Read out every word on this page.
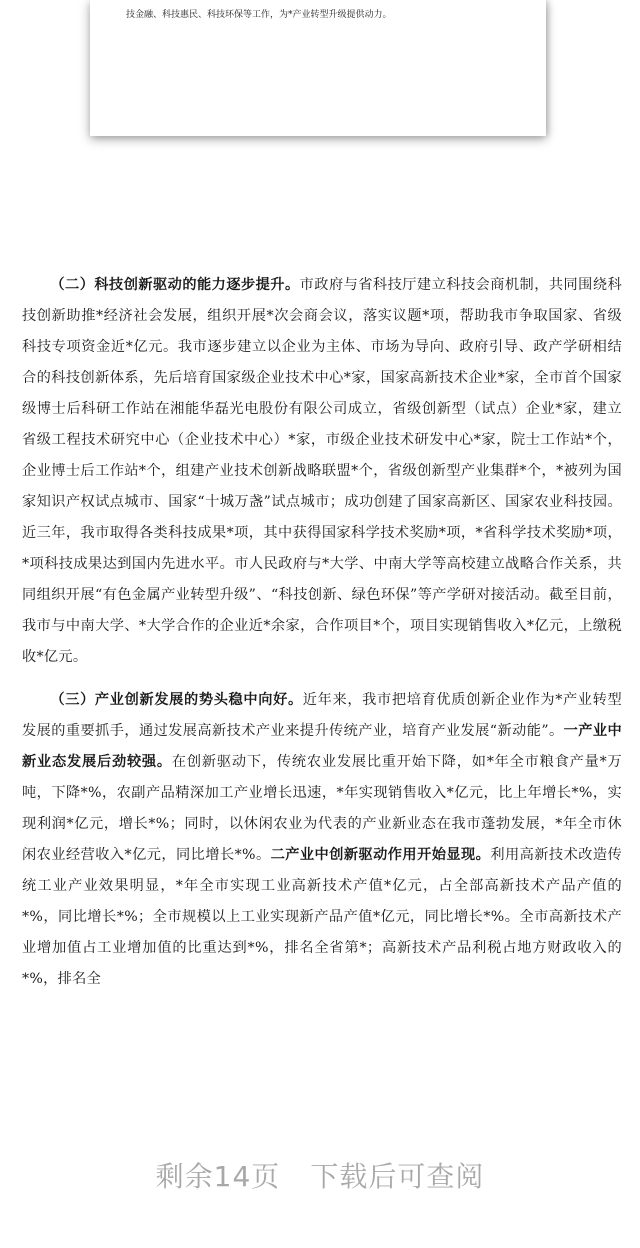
技金融、科技惠民、科技环保等工作，为*产业转型升级提供动力。

（二）科技创新驱动的能力逐步提升。市政府与省科技厅建立科技会商机制，共同围绕科技创新助推*经济社会发展，组织开展*次会商会议，落实议题*项，帮助我市争取国家、省级科技专项资金近*亿元。我市逐步建立以企业为主体、市场为导向、政府引导、政产学研相结合的科技创新体系，先后培育国家级企业技术中心*家，国家高新技术企业*家，全市首个国家级博士后科研工作站在湘能华磊光电股份有限公司成立，省级创新型（试点）企业*家，建立省级工程技术研究中心（企业技术中心）*家，市级企业技术研发中心*家，院士工作站*个，企业博士后工作站*个，组建产业技术创新战略联盟*个，省级创新型产业集群*个，*被列为国家知识产权试点城市、国家“十城万盏”试点城市；成功创建了国家高新区、国家农业科技园。近三年，我市取得各类科技成果*项，其中获得国家科学技术奖励*项，*省科学技术奖励*项， *项科技成果达到国内先进水平。市人民政府与*大学、中南大学等高校建立战略合作关系，共同组织开展“有色金属产业转型升级”、“科技创新、绿色环保”等产学研对接活动。截至目前，我市与中南大学、*大学合作的企业近*余家，合作项目*个，项目实现销售收入*亿元，上缴税收*亿元。

（三）产业创新发展的势头稳中向好。近年来，我市把培育优质创新企业作为*产业转型发展的重要抓手，通过发展高新技术产业来提升传统产业，培育产业发展“新动能”。一产业中新业态发展后劲较强。在创新驱动下，传统农业发展比重开始下降，如*年全市粮食产量*万吨，下降*%，农副产品精深加工产业增长迅速，*年实现销售收入*亿元，比上年增长*%，实现利润*亿元，增长*%；同时，以休闲农业为代表的产业新业态在我市蓬勃发展，*年全市休闲农业经营收入*亿元，同比增长*%。二产业中创新驱动作用开始显现。利用高新技术改造传统工业产业效果明显，*年全市实现工业高新技术产值*亿元，占全部高新技术产品产值的*%，同比增长*%；全市规模以上工业实现新产品产值*亿元，同比增长*%。全市高新技术产业增加值占工业增加值的比重达到*%，排名全省第*；高新技术产品利税占地方财政收入的*%，排名全

剩余14页 下载后可查阅
